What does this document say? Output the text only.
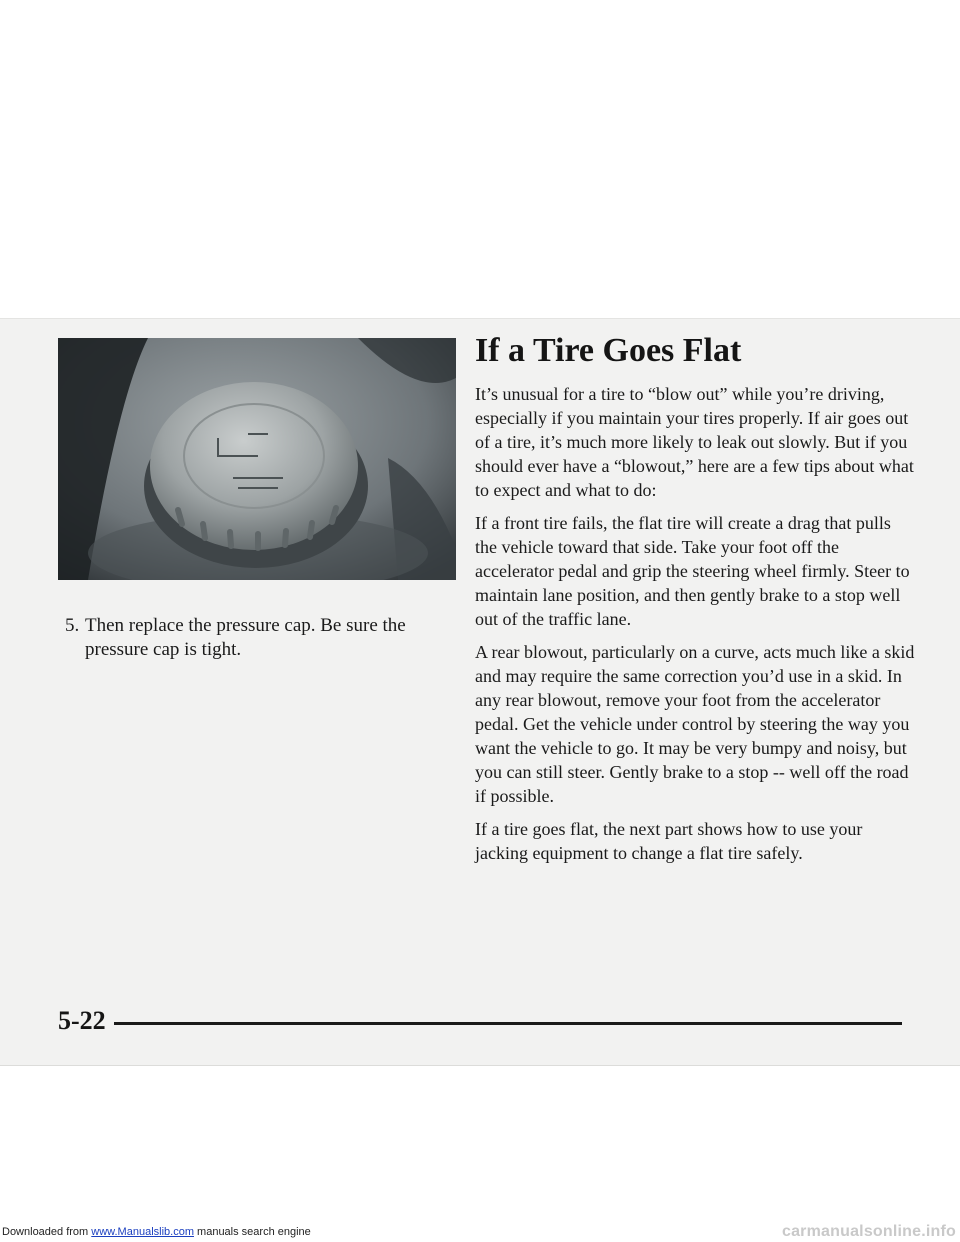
5. Then replace the pressure cap. Be sure the pressure cap is tight.
If a Tire Goes Flat

It’s unusual for a tire to “blow out” while you’re driving, especially if you maintain your tires properly. If air goes out of a tire, it’s much more likely to leak out slowly. But if you should ever have a “blowout,” here are a few tips about what to expect and what to do:

If a front tire fails, the flat tire will create a drag that pulls the vehicle toward that side. Take your foot off the accelerator pedal and grip the steering wheel firmly. Steer to maintain lane position, and then gently brake to a stop well out of the traffic lane.

A rear blowout, particularly on a curve, acts much like a skid and may require the same correction you’d use in a skid. In any rear blowout, remove your foot from the accelerator pedal. Get the vehicle under control by steering the way you want the vehicle to go. It may be very bumpy and noisy, but you can still steer. Gently brake to a stop -- well off the road if possible.

If a tire goes flat, the next part shows how to use your jacking equipment to change a flat tire safely.

5-22
Downloaded from www.Manualslib.com manuals search engine	carmanualsonline.info
